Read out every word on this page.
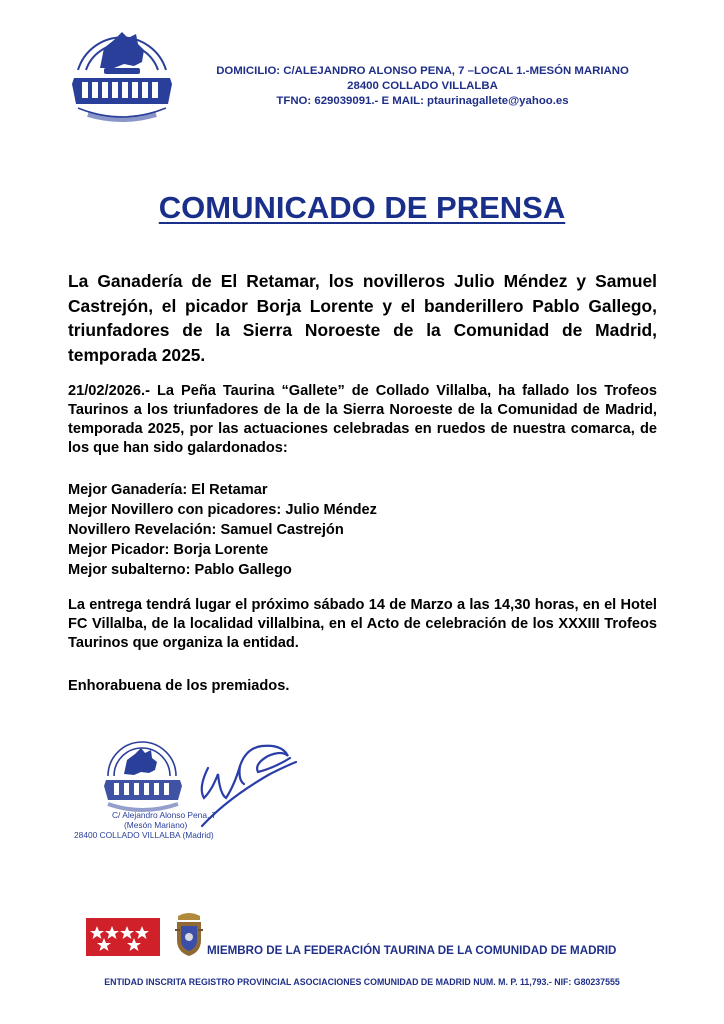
DOMICILIO: C/ALEJANDRO ALONSO PENA, 7 –LOCAL 1.-MESÓN MARIANO
28400 COLLADO VILLALBA
TFNO: 629039091.- E MAIL: ptaurinagallete@yahoo.es
COMUNICADO DE PRENSA
La Ganadería de El Retamar, los novilleros Julio Méndez y Samuel Castrejón, el picador Borja Lorente y el banderillero Pablo Gallego, triunfadores de la Sierra Noroeste de la Comunidad de Madrid, temporada 2025.
21/02/2026.- La Peña Taurina “Gallete” de Collado Villalba, ha fallado los Trofeos Taurinos a los triunfadores de la de la Sierra Noroeste de la Comunidad de Madrid, temporada 2025, por las actuaciones celebradas en ruedos de nuestra comarca, de los que han sido galardonados:
Mejor Ganadería: El Retamar
Mejor Novillero con picadores: Julio Méndez
Novillero Revelación: Samuel Castrejón
Mejor Picador: Borja Lorente
Mejor subalterno: Pablo Gallego
La entrega tendrá lugar el próximo sábado 14 de Marzo a las 14,30 horas, en el Hotel FC Villalba, de la localidad villalbina, en el Acto de celebración de los XXXIII Trofeos Taurinos que organiza la entidad.
Enhorabuena de los premiados.
C/ Alejandro Alonso Pena, 7
(Mesón Mariano)
28400 COLLADO VILLALBA (Madrid)
MIEMBRO DE LA FEDERACIÓN TAURINA DE LA COMUNIDAD DE MADRID
ENTIDAD INSCRITA REGISTRO PROVINCIAL ASOCIACIONES COMUNIDAD DE MADRID NUM. M. P. 11,793.- NIF: G80237555
